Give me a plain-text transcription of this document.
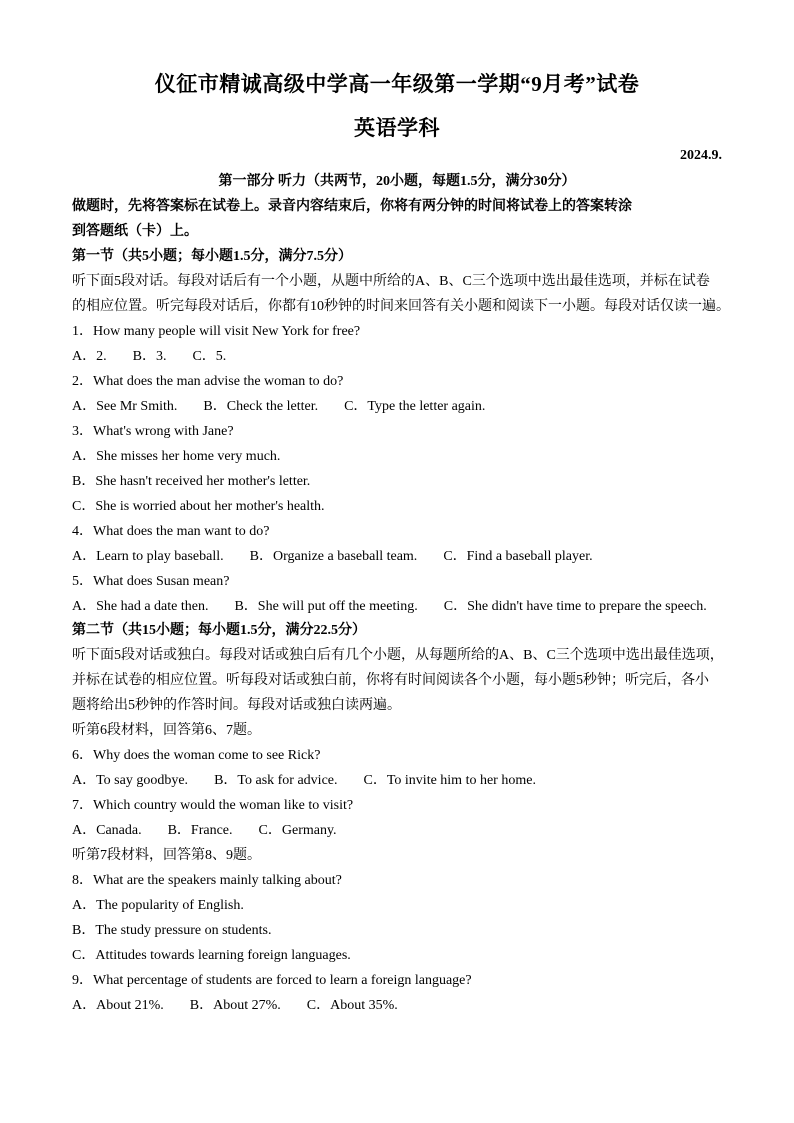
仪征市精诚高级中学高一年级第一学期“9月考”试卷
英语学科
2024.9.
第一部分 听力（共两节，20小题，每题1.5分，满分30分）
做题时，先将答案标在试卷上。录音内容结束后，你将有两分钟的时间将试卷上的答案转涂
到答题纸（卡）上。
第一节（共5小题；每小题1.5分，满分7.5分）
听下面5段对话。每段对话后有一个小题，从题中所给的A、B、C三个选项中选出最佳选项，并标在试卷
的相应位置。听完每段对话后，你都有10秒钟的时间来回答有关小题和阅读下一小题。每段对话仅读一遍。
1．How many people will visit New York for free?
A．2. B．3. C．5.
2．What does the man advise the woman to do?
A．See Mr Smith. B．Check the letter. C．Type the letter again.
3．What's wrong with Jane?
A．She misses her home very much.
B．She hasn't received her mother's letter.
C．She is worried about her mother's health.
4．What does the man want to do?
A．Learn to play baseball. B．Organize a baseball team. C．Find a baseball player.
5．What does Susan mean?
A．She had a date then. B．She will put off the meeting. C．She didn't have time to prepare the speech.
第二节（共15小题；每小题1.5分，满分22.5分）
听下面5段对话或独白。每段对话或独白后有几个小题，从每题所给的A、B、C三个选项中选出最佳选项，
并标在试卷的相应位置。听每段对话或独白前，你将有时间阅读各个小题，每小题5秒钟；听完后，各小
题将给出5秒钟的作答时间。每段对话或独白读两遍。
听第6段材料，回答第6、7题。
6．Why does the woman come to see Rick?
A．To say goodbye. B．To ask for advice. C．To invite him to her home.
7．Which country would the woman like to visit?
A．Canada. B．France. C．Germany.
听第7段材料，回答第8、9题。
8．What are the speakers mainly talking about?
A．The popularity of English.
B．The study pressure on students.
C．Attitudes towards learning foreign languages.
9．What percentage of students are forced to learn a foreign language?
A．About 21%. B．About 27%. C．About 35%.
